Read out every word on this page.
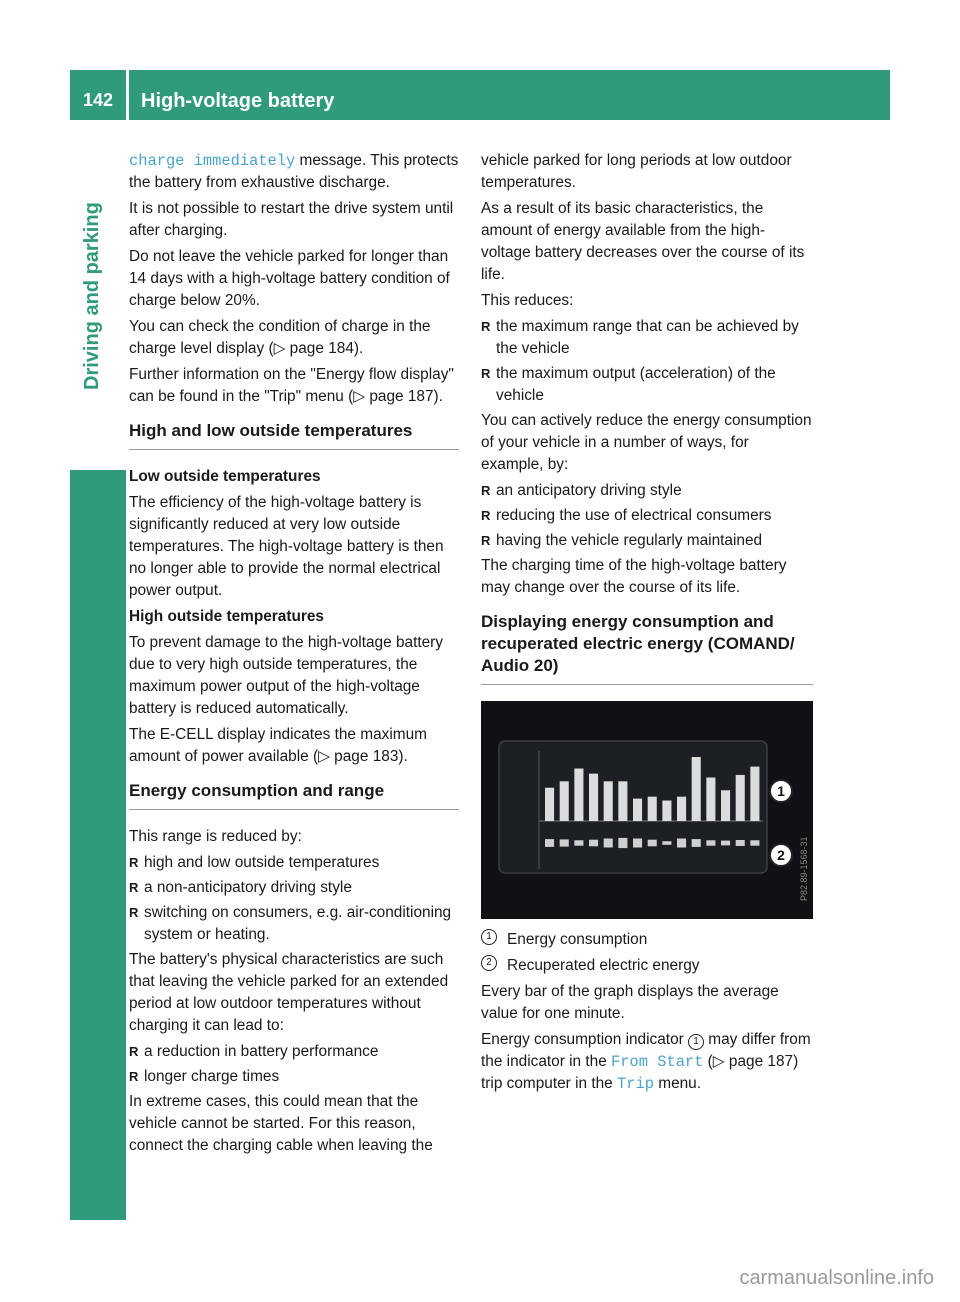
142	High-voltage battery
Driving and parking

charge immediately message. This protects the battery from exhaustive discharge.

It is not possible to restart the drive system until after charging.

Do not leave the vehicle parked for longer than 14 days with a high-voltage battery condition of charge below 20%.

You can check the condition of charge in the charge level display (▷ page 184).

Further information on the "Energy flow display" can be found in the "Trip" menu (▷ page 187).

High and low outside temperatures
Low outside temperatures

The efficiency of the high-voltage battery is significantly reduced at very low outside temperatures. The high-voltage battery is then no longer able to provide the normal electrical power output.

High outside temperatures

To prevent damage to the high-voltage battery due to very high outside temperatures, the maximum power output of the high-voltage battery is reduced automatically.

The E-CELL display indicates the maximum amount of power available (▷ page 183).

Energy consumption and range

This range is reduced by:

R high and low outside temperatures
R a non-anticipatory driving style
R switching on consumers, e.g. air-conditioning system or heating.

The battery's physical characteristics are such that leaving the vehicle parked for an extended period at low outdoor temperatures without charging it can lead to:

R a reduction in battery performance
R longer charge times

In extreme cases, this could mean that the vehicle cannot be started. For this reason, connect the charging cable when leaving the

vehicle parked for long periods at low outdoor temperatures.

As a result of its basic characteristics, the amount of energy available from the high-voltage battery decreases over the course of its life.

This reduces:

R the maximum range that can be achieved by the vehicle
R the maximum output (acceleration) of the vehicle

You can actively reduce the energy consumption of your vehicle in a number of ways, for example, by:

R an anticipatory driving style
R reducing the use of electrical consumers
R having the vehicle regularly maintained

The charging time of the high-voltage battery may change over the course of its life.

Displaying energy consumption and recuperated electric energy (COMAND/ Audio 20)
1
2 P82.89-1568-31
1 Energy consumption
2 Recuperated electric energy

Every bar of the graph displays the average value for one minute.

Energy consumption indicator 1 may differ from the indicator in the From Start (▷ page 187) trip computer in the Trip menu.

carmanualsonline.info
